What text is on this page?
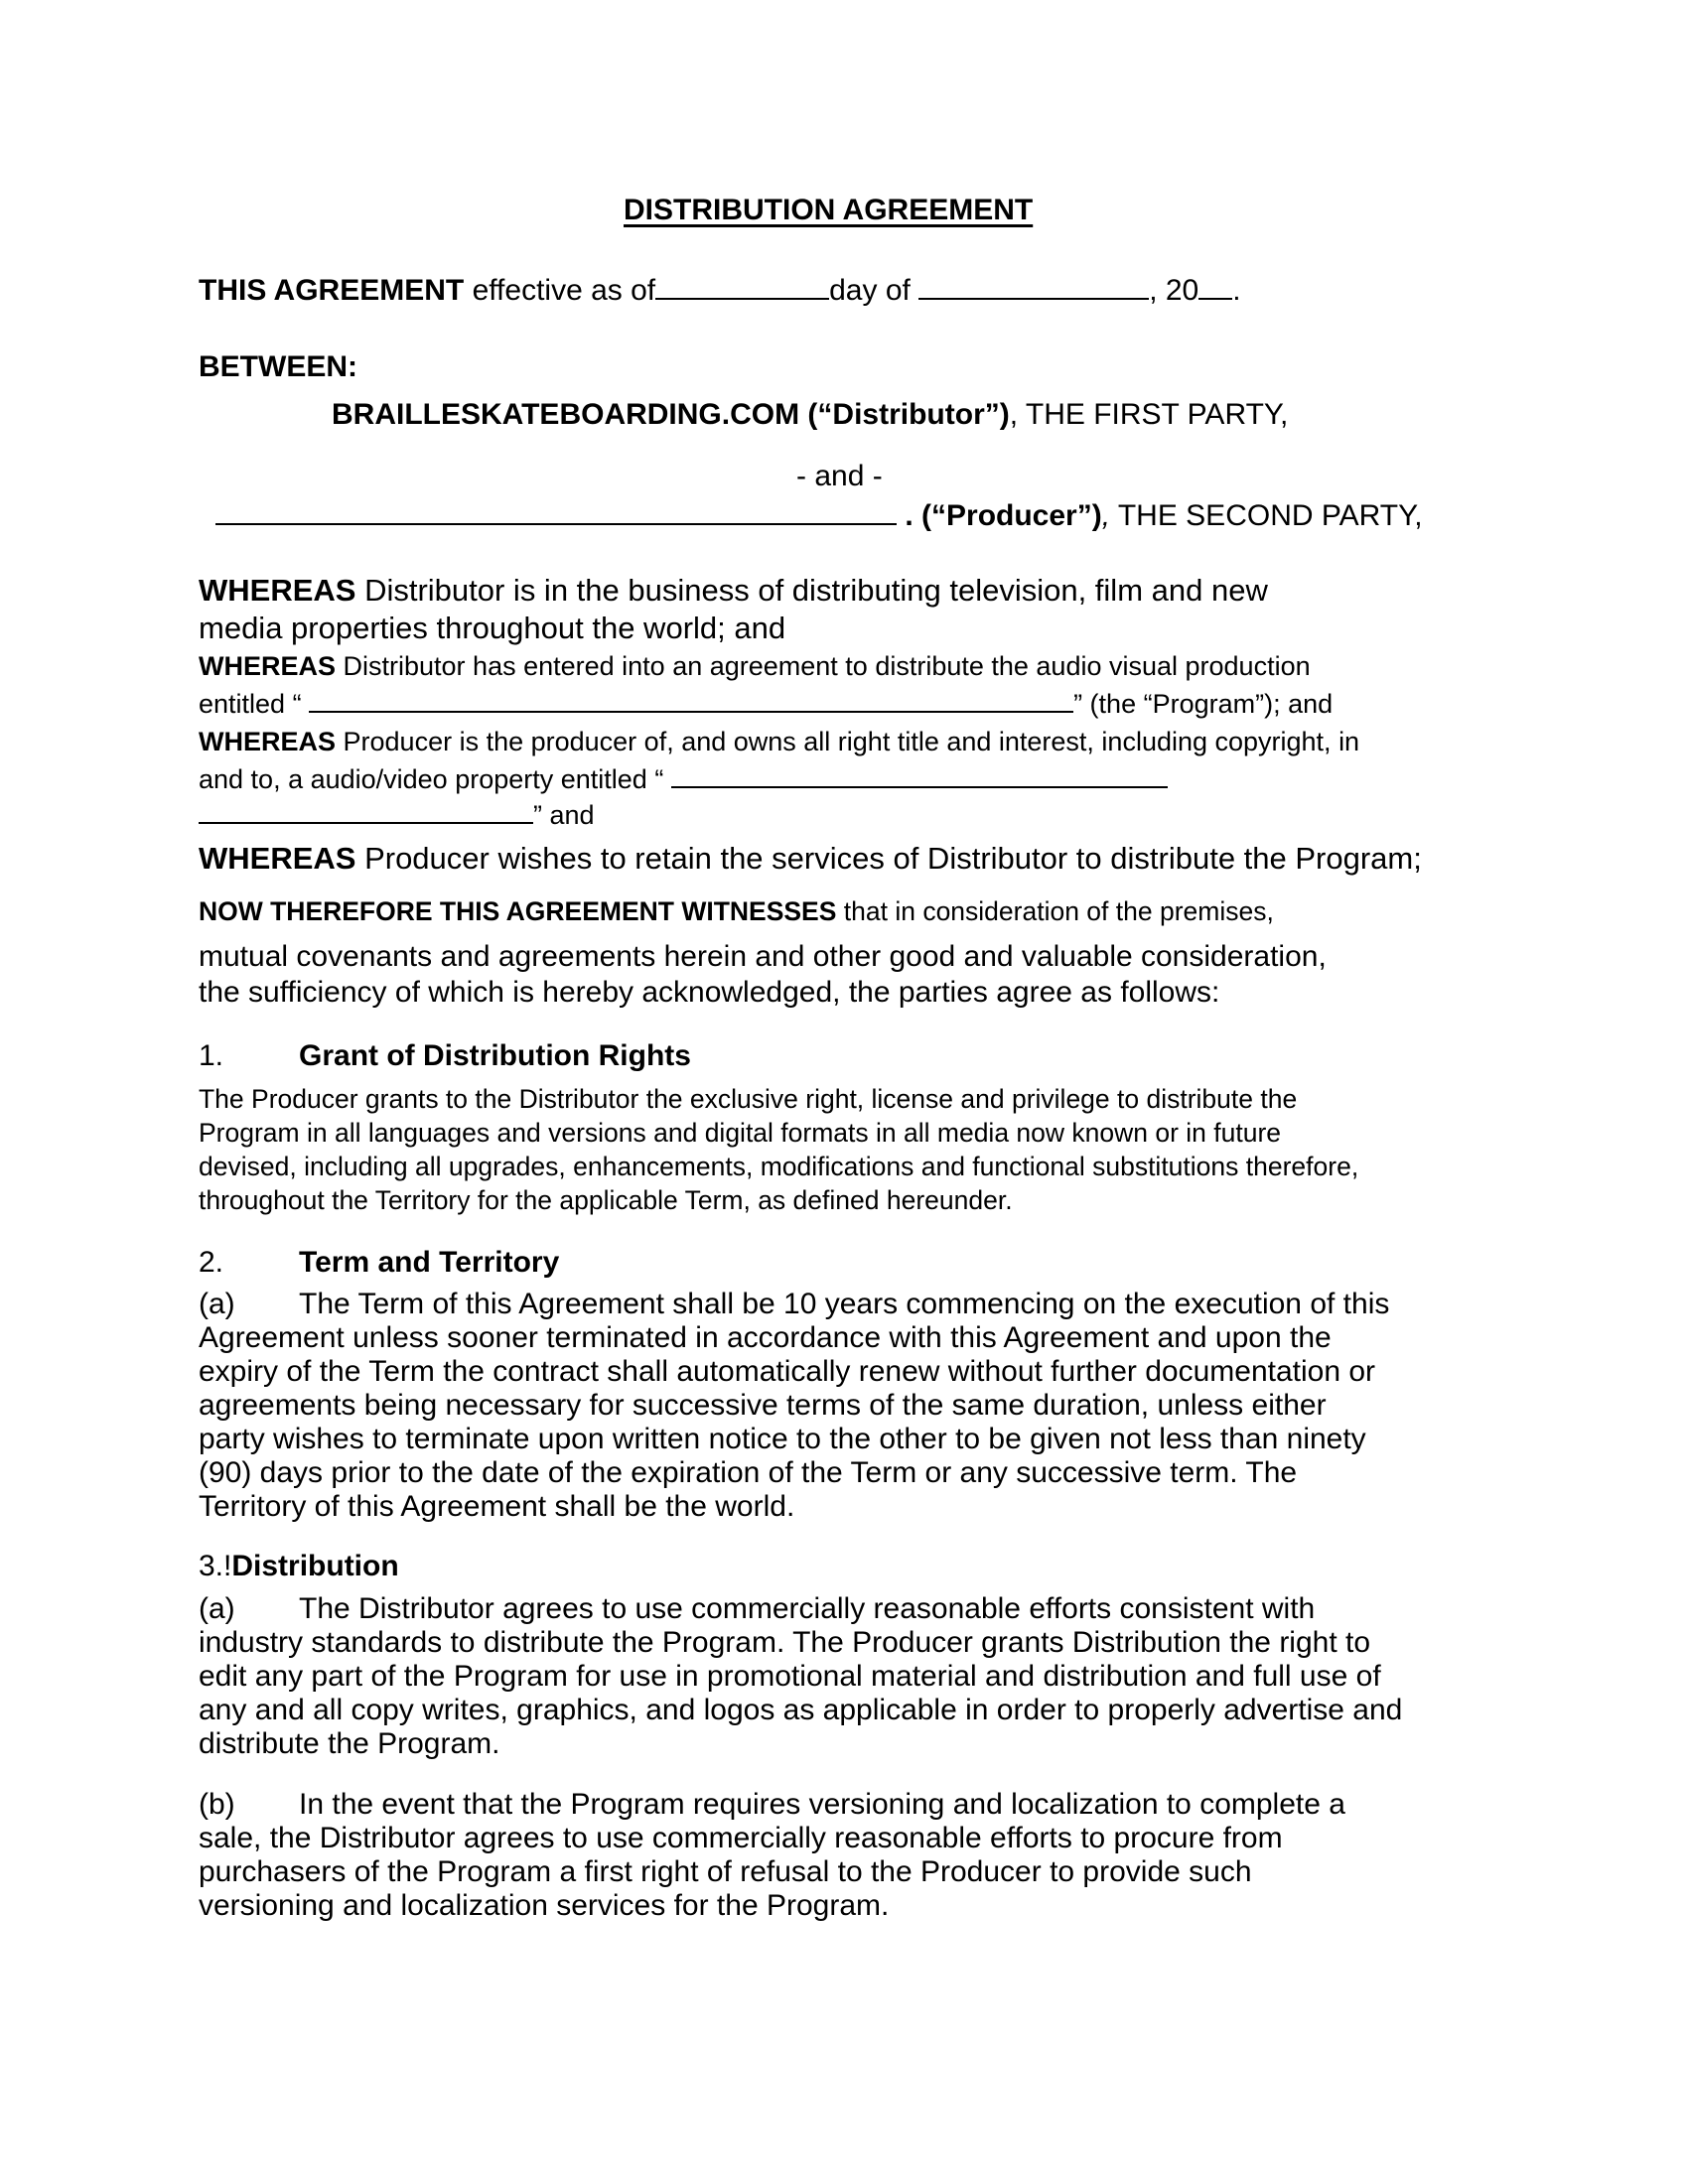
DISTRIBUTION AGREEMENT
THIS AGREEMENT effective as of	day of	, 20 .
BETWEEN:
BRAILLESKATEBOARDING.COM (“Distributor”), THE FIRST PARTY,
- and -
. (“Producer”), THE SECOND PARTY,
WHEREAS Distributor is in the business of distributing television, film and new
media properties throughout the world; and
WHEREAS Distributor has entered into an agreement to distribute the audio visual production
entitled “	” (the “Program”); and
WHEREAS Producer is the producer of, and owns all right title and interest, including copyright, in
and to, a audio/video property entitled “
” and
WHEREAS Producer wishes to retain the services of Distributor to distribute the Program;
NOW THEREFORE THIS AGREEMENT WITNESSES that in consideration of the premises,
mutual covenants and agreements herein and other good and valuable consideration,
the sufficiency of which is hereby acknowledged, the parties agree as follows:
1.	Grant of Distribution Rights
The Producer grants to the Distributor the exclusive right, license and privilege to distribute the
Program in all languages and versions and digital formats in all media now known or in future
devised, including all upgrades, enhancements, modifications and functional substitutions therefore,
throughout the Territory for the applicable Term, as defined hereunder.
2.	Term and Territory
(a) The Term of this Agreement shall be 10 years commencing on the execution of this
Agreement unless sooner terminated in accordance with this Agreement and upon the
expiry of the Term the contract shall automatically renew without further documentation or
agreements being necessary for successive terms of the same duration, unless either
party wishes to terminate upon written notice to the other to be given not less than ninety
(90) days prior to the date of the expiration of the Term or any successive term. The
Territory of this Agreement shall be the world.
3.!Distribution
(a) The Distributor agrees to use commercially reasonable efforts consistent with
industry standards to distribute the Program. The Producer grants Distribution the right to
edit any part of the Program for use in promotional material and distribution and full use of
any and all copy writes, graphics, and logos as applicable in order to properly advertise and
distribute the Program.
(b) In the event that the Program requires versioning and localization to complete a
sale, the Distributor agrees to use commercially reasonable efforts to procure from
purchasers of the Program a first right of refusal to the Producer to provide such
versioning and localization services for the Program.
